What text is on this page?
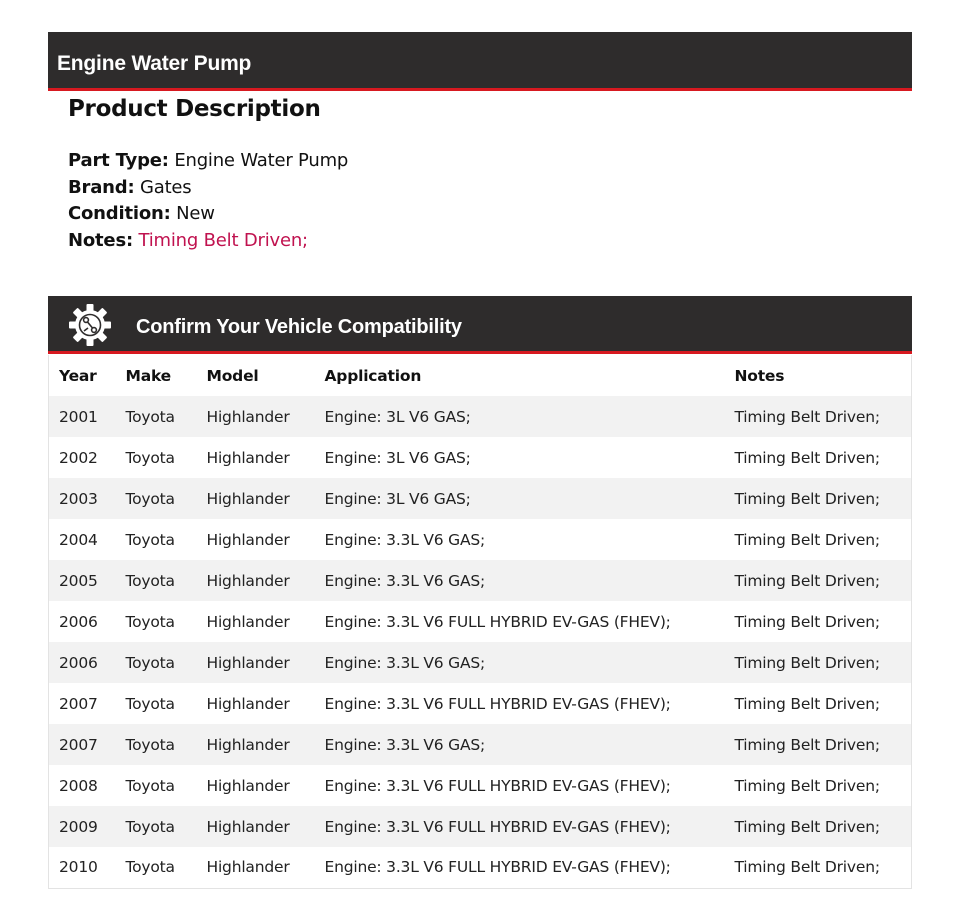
Engine Water Pump
Product Description
Part Type: Engine Water Pump
Brand: Gates
Condition: New
Notes: Timing Belt Driven;
Confirm Your Vehicle Compatibility
Year	Make	Model	Application	Notes
2001	Toyota	Highlander	Engine: 3L V6 GAS;	Timing Belt Driven;
2002	Toyota	Highlander	Engine: 3L V6 GAS;	Timing Belt Driven;
2003	Toyota	Highlander	Engine: 3L V6 GAS;	Timing Belt Driven;
2004	Toyota	Highlander	Engine: 3.3L V6 GAS;	Timing Belt Driven;
2005	Toyota	Highlander	Engine: 3.3L V6 GAS;	Timing Belt Driven;
2006	Toyota	Highlander	Engine: 3.3L V6 FULL HYBRID EV-GAS (FHEV);	Timing Belt Driven;
2006	Toyota	Highlander	Engine: 3.3L V6 GAS;	Timing Belt Driven;
2007	Toyota	Highlander	Engine: 3.3L V6 FULL HYBRID EV-GAS (FHEV);	Timing Belt Driven;
2007	Toyota	Highlander	Engine: 3.3L V6 GAS;	Timing Belt Driven;
2008	Toyota	Highlander	Engine: 3.3L V6 FULL HYBRID EV-GAS (FHEV);	Timing Belt Driven;
2009	Toyota	Highlander	Engine: 3.3L V6 FULL HYBRID EV-GAS (FHEV);	Timing Belt Driven;
2010	Toyota	Highlander	Engine: 3.3L V6 FULL HYBRID EV-GAS (FHEV);	Timing Belt Driven;
